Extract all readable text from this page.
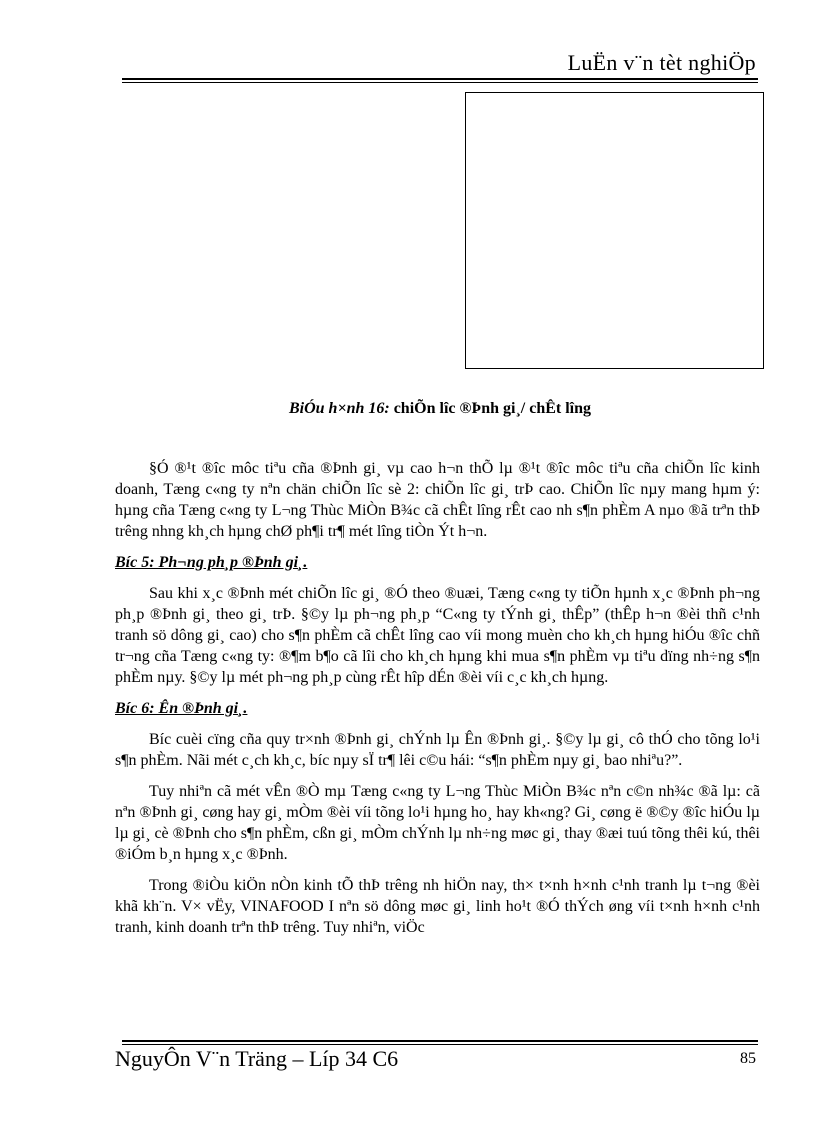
LuËn v¨n tèt nghiÖp
BiÓu h×nh 16: chiÕn lîc ®Þnh gi¸/ chÊt lîng

§Ó ®¹t ®îc môc tiªu cña ®Þnh gi¸ vµ cao h¬n thÕ lµ ®¹t ®îc môc tiªu cña chiÕn lîc kinh doanh, Tæng c«ng ty nªn chän chiÕn lîc sè 2: chiÕn lîc gi¸ trÞ cao. ChiÕn lîc nµy mang hµm ý: hµng cña Tæng c«ng ty L¬ng Thùc MiÒn B¾c cã chÊt lîng rÊt cao nh s¶n phÈm A nµo ®ã trªn thÞ trêng nhng kh¸ch hµng chØ ph¶i tr¶ mét lîng tiÒn Ýt h¬n.

Bíc 5: Ph¬ng ph¸p ®Þnh gi¸.

Sau khi x¸c ®Þnh mét chiÕn lîc gi¸ ®Ó theo ®uæi, Tæng c«ng ty tiÕn hµnh x¸c ®Þnh ph¬ng ph¸p ®Þnh gi¸ theo gi¸ trÞ. §©y lµ ph¬ng ph¸p “C«ng ty tÝnh gi¸ thÊp” (thÊp h¬n ®èi thñ c¹nh tranh sö dông gi¸ cao) cho s¶n phÈm cã chÊt lîng cao víi mong muèn cho kh¸ch hµng hiÓu ®îc chñ tr¬ng cña Tæng c«ng ty: ®¶m b¶o cã lîi cho kh¸ch hµng khi mua s¶n phÈm vµ tiªu dïng nh÷ng s¶n phÈm nµy. §©y lµ mét ph¬ng ph¸p cùng rÊt hîp dÉn ®èi víi c¸c kh¸ch hµng.

Bíc 6: Ên ®Þnh gi¸.

Bíc cuèi cïng cña quy tr×nh ®Þnh gi¸ chÝnh lµ Ên ®Þnh gi¸. §©y lµ gi¸ cô thÓ cho tõng lo¹i s¶n phÈm. Nãi mét c¸ch kh¸c, bíc nµy sÏ tr¶ lêi c©u hái: “s¶n phÈm nµy gi¸ bao nhiªu?”.

Tuy nhiªn cã mét vÊn ®Ò mµ Tæng c«ng ty L¬ng Thùc MiÒn B¾c nªn c©n nh¾c ®ã lµ: cã nªn ®Þnh gi¸ cøng hay gi¸ mÒm ®èi víi tõng lo¹i hµng ho¸ hay kh«ng? Gi¸ cøng ë ®©y ®îc hiÓu lµ lµ gi¸ cè ®Þnh cho s¶n phÈm, cßn gi¸ mÒm chÝnh lµ nh÷ng møc gi¸ thay ®æi tuú tõng thêi kú, thêi ®iÓm b¸n hµng x¸c ®Þnh.

Trong ®iÒu kiÖn nÒn kinh tÕ thÞ trêng nh hiÖn nay, th× t×nh h×nh c¹nh tranh lµ t¬ng ®èi khã kh¨n. V× vËy, VINAFOOD I nªn sö dông møc gi¸ linh ho¹t ®Ó thÝch øng víi t×nh h×nh c¹nh tranh, kinh doanh trªn thÞ trêng. Tuy nhiªn, viÖc

NguyÔn V¨n Träng – Líp 34 C6	85
